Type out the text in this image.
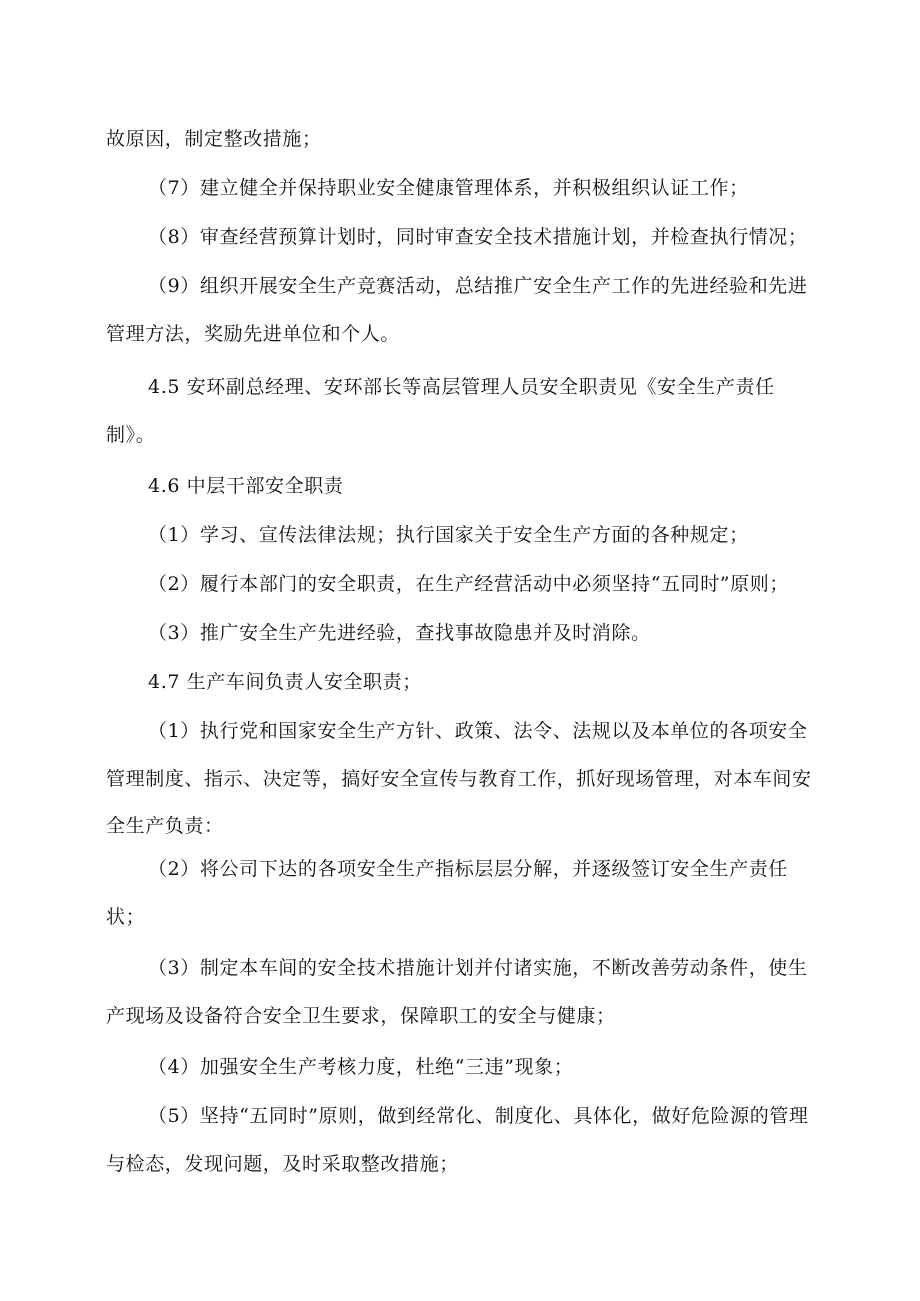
故原因，制定整改措施；

（7）建立健全并保持职业安全健康管理体系，并积极组织认证工作；

（8）审查经营预算计划时，同时审查安全技术措施计划，并检查执行情况；

（9）组织开展安全生产竞赛活动，总结推广安全生产工作的先进经验和先进管理方法，奖励先进单位和个人。

4.5 安环副总经理、安环部长等高层管理人员安全职责见《安全生产责任制》。

4.6 中层干部安全职责

（1）学习、宣传法律法规；执行国家关于安全生产方面的各种规定；

（2）履行本部门的安全职责，在生产经营活动中必须坚持“五同时”原则；

（3）推广安全生产先进经验，查找事故隐患并及时消除。

4.7 生产车间负责人安全职责；

（1）执行党和国家安全生产方针、政策、法令、法规以及本单位的各项安全管理制度、指示、决定等，搞好安全宣传与教育工作，抓好现场管理，对本车间安全生产负责：

（2）将公司下达的各项安全生产指标层层分解，并逐级签订安全生产责任状；

（3）制定本车间的安全技术措施计划并付诸实施，不断改善劳动条件，使生产现场及设备符合安全卫生要求，保障职工的安全与健康；

（4）加强安全生产考核力度，杜绝“三违”现象；

（5）坚持“五同时”原则，做到经常化、制度化、具体化，做好危险源的管理与检态，发现问题，及时采取整改措施；
